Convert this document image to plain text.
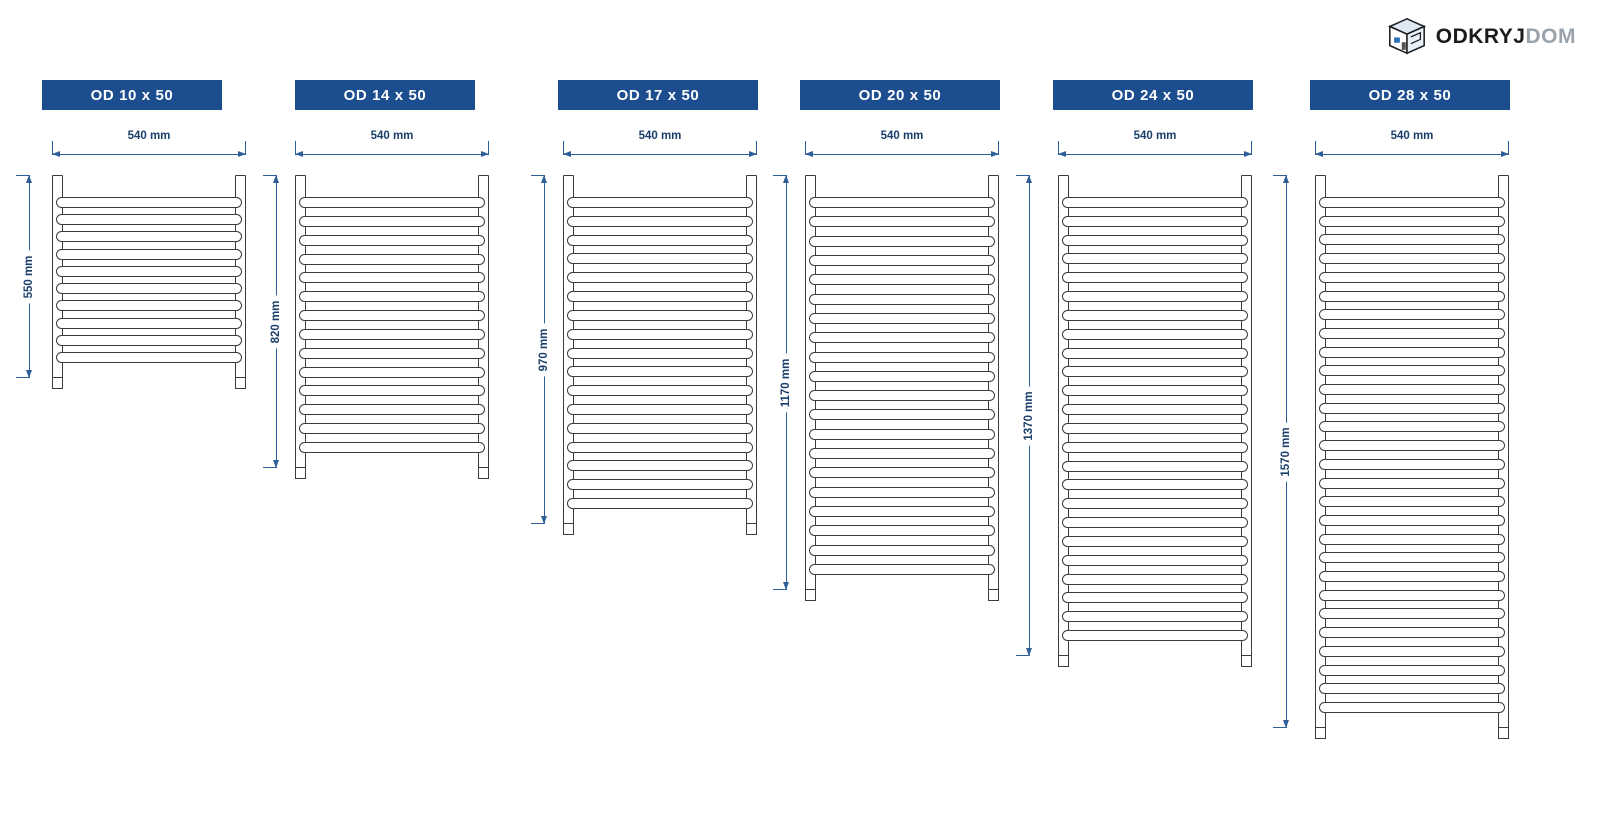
ODKRYJDOM
OD 10 x 50
540 mm
550 mm
OD 14 x 50
540 mm
820 mm
OD 17 x 50
540 mm
970 mm
OD 20 x 50
540 mm
1170 mm
OD 24 x 50
540 mm
1370 mm
OD 28 x 50
540 mm
1570 mm
